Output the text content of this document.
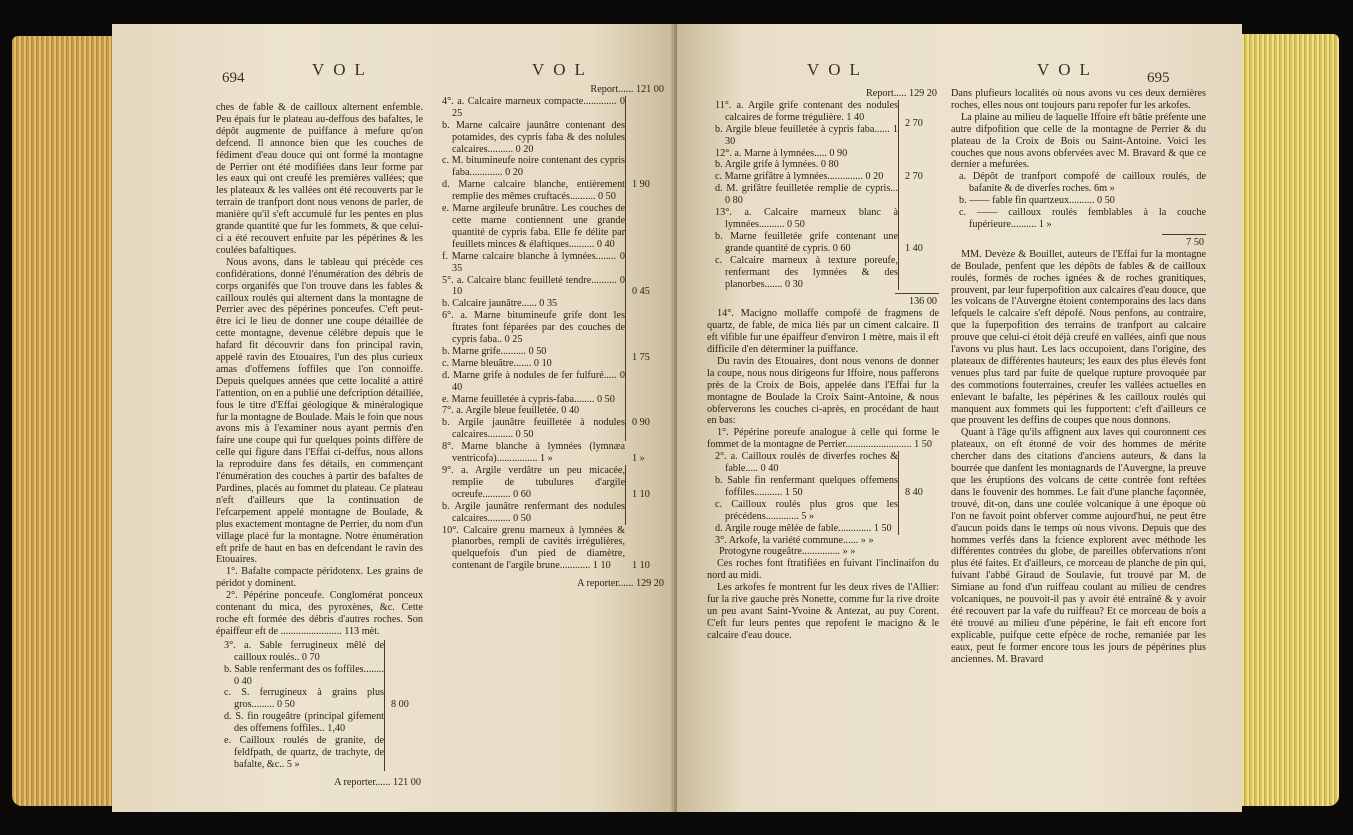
694	VOL	VOL

ches de fable & de cailloux alternent enfemble. Peu épais fur le plateau au-deffous des bafaltes, le dépôt augmente de puiffance à mefure qu'on defcend. Il annonce bien que les couches de fédiment d'eau douce qui ont formé la montagne de Perrier ont été modifiées dans leur forme par les eaux qui ont creufé les premières vallées; que les plateaux & les vallées ont été recouverts par le terrain de tranfport dont nous venons de parler, de manière qu'il s'eft accumulé fur les pentes en plus grande quantité que fur les fommets, & que celui-ci a été recouvert enfuite par les pépérines & les coulées bafaltiques.

Nous avons, dans le tableau qui précède ces confidérations, donné l'énumération des débris de corps organifés que l'on trouve dans les fables & cailloux roulés qui alternent dans la montagne de Perrier avec des pépérines ponceufes. C'eft peut-être ici le lieu de donner une coupe détaillée de cette montagne, devenue célèbre depuis que le hafard fit découvrir dans fon principal ravin, appelé ravin des Etouaires, l'un des plus curieux amas d'offemens foffiles que l'on connoiffe. Depuis quelques années que cette localité a attiré l'attention, on en a publié une defcription détaillée, fous le titre d'Effai géologique & minéralogique fur la montagne de Boulade. Mais le foin que nous avons mis à l'examiner nous ayant permis d'en faire une coupe qui fur quelques points diffère de celle qui figure dans l'Effai ci-deffus, nous allons la reproduire dans fes détails, en commençant l'énumération des couches à partir des bafaltes de Pardines, placés au fommet du plateau. Ce plateau n'eft d'ailleurs que la continuation de l'efcarpement appelé montagne de Boulade, & plus exactement montagne de Perrier, du nom d'un village placé fur la montagne. Notre énumération eft prife de haut en bas en defcendant le ravin des Etouaires.

1°. Bafalte compacte péridotenx. Les grains de péridot y dominent.

2°. Pépérine ponceufe. Conglomérat ponceux contenant du mica, des pyroxènes, &c. Cette roche eft formée des débris d'autres roches. Son épaiffeur eft de ........................ 113 mèt.

3°. a. Sable ferrugineux mêlé de cailloux roulés.. 0 70

b. Sable renfermant des os foffiles........ 0 40

c. S. ferrugineux à grains plus gros......... 0 50

d. S. fin rougeâtre (principal gifement des offemens foffiles.. 1,40

e. Cailloux roulés de granite, de feldfpath, de quartz, de trachyte, de bafalte, &c.. 5 »

8 00

A reporter...... 121 00

Report...... 121 00

4°. a. Calcaire marneux compacte............. 0 25

b. Marne calcaire jaunâtre contenant des potamides, des cypris faba & des nolules calcaires.......... 0 20

c. M. bitumineufe noire contenant des cypris faba............. 0 20

d. Marne calcaire blanche, entièrement remplie des mêmes cruftacés.......... 0 50

e. Marne argileufe brunâtre. Les couches de cette marne contiennent une grande quantité de cypris faba. Elle fe délite par feuillets minces & élaftiques.......... 0 40

f. Marne calcaire blanche à lymnées........ 0 35

1 90

5°. a. Calcaire blanc feuilleté tendre.......... 0 10

b. Calcaire jaunâtre...... 0 35

0 45

6°. a. Marne bitumineufe grife dont les ftrates font féparées par des couches de cypris faba.. 0 25

b. Marne grife.......... 0 50

c. Marne bleuâtre....... 0 10

d. Marne grife à nodules de fer fulfuré..... 0 40

e. Marne feuilletée à cypris-faba........ 0 50

1 75

7°. a. Argile bleue feuilletée. 0 40

b. Argile jaunâtre feuilletée à nodules calcaires.......... 0 50

0 90

8°. Marne blanche à lymnées (lymnæa ventricofa)................ 1 »	1 »

9°. a. Argile verdâtre un peu micacée, remplie de tubulures d'argile ocreufe........... 0 60

b. Argile jaunâtre renfermant des nodules calcaires......... 0 50

1 10

10°. Calcaire grenu marneux à lymnées & planorbes, rempli de cavités irrégulières, quelquefois d'un pied de diamètre, contenant de l'argile brune............ 1 10	1 10

A reporter...... 129 20

VOL	VOL	695

Report..... 129 20

11°. a. Argile grife contenant des nodules calcaires de forme trégulière. 1 40

b. Argile bleue feuilletée à cypris faba...... 1 30

2 70

12°. a. Marne à lymnées..... 0 90

b. Argile grife à lymnées. 0 80

c. Marne grifâtre à lymnées.............. 0 20

d. M. grifâtre feuilletée remplie de cypris... 0 80

2 70

13°. a. Calcaire marneux blanc à lymnées.......... 0 50

b. Marne feuilletée grife contenant une grande quantité de cypris. 0 60

c. Calcaire marneux à texture poreufe, renfermant des lymnées & des planorbes....... 0 30

1 40

136 00

14°. Macigno mollaffe compofé de fragmens de quartz, de fable, de mica liés par un ciment calcaire. Il eft vifible fur une épaiffeur d'environ 1 mètre, mais il eft difficile d'en déterminer la puiffance.

Du ravin des Etouaires, dont nous venons de donner la coupe, nous nous dirigeons fur Iffoire, nous pafferons près de la Croix de Bois, appelée dans l'Effai fur la montagne de Boulade la Croix Saint-Antoine, & nous obferverons les couches ci-après, en procédant de haut en bas:

1°. Pépérine poreufe analogue à celle qui forme le fommet de la montagne de Perrier.......................... 1 50

2°. a. Cailloux roulés de diverfes roches & fable..... 0 40

b. Sable fin renfermant quelques offemens foffiles........... 1 50

c. Cailloux roulés plus gros que les précédens............. 5 »

d. Argile rouge mêlée de fable............. 1 50

8 40

3°. Arkofe, la variété commune...... » »

Protogyne rougeâtre............... » »

Ces roches font ftratifiées en fuivant l'inclinaifon du nord au midi.

Les arkofes fe montrent fur les deux rives de l'Allier: fur la rive gauche près Nonette, comme fur la rive droite un peu avant Saint-Yvoine & Antezat, au puy Corent. C'eft fur leurs pentes que repofent le macigno & le calcaire d'eau douce.

Dans plufieurs localités où nous avons vu ces deux dernières roches, elles nous ont toujours paru repofer fur les arkofes.

La plaine au milieu de laquelle Iffoire eft bâtie préfente une autre difpofition que celle de la montagne de Perrier & du plateau de la Croix de Bois ou Saint-Antoine. Voici les couches que nous avons obfervées avec M. Bravard & que ce dernier a mefurées.

a. Dépôt de tranfport compofé de cailloux roulés, de bafanite & de diverfes roches. 6m »

b. —— fable fin quartzeux.......... 0 50

c. —— cailloux roulés femblables à la couche fupérieure.......... 1 »

7 50

MM. Devèze & Bouillet, auteurs de l'Effai fur la montagne de Boulade, penfent que les dépôts de fables & de cailloux roulés, formés de roches ignées & de roches granitiques, prouvent, par leur fuperpofition aux calcaires d'eau douce, que les volcans de l'Auvergne étoient contemporains des lacs dans lefquels le calcaire s'eft dépofé. Nous penfons, au contraire, que la fuperpofition des terrains de tranfport au calcaire prouve que celui-ci étoit déjà creufé en vallées, ainfi que nous l'avons vu plus haut. Les lacs occupoient, dans l'origine, des plateaux de différentes hauteurs; les eaux des plus élevés font venues plus tard par fuite de quelque rupture provoquée par des commotions fouterraines, creufer les vallées actuelles en enlevant le bafalte, les pépérines & les cailloux roulés qui manquent aux fommets qui les fupportent: c'eft d'ailleurs ce que prouvent les deffins de coupes que nous donnons.

Quant à l'âge qu'ils affignent aux laves qui couronnent ces plateaux, on eft étonné de voir des hommes de mérite chercher dans des citations d'anciens auteurs, & dans la bourrée que danfent les montagnards de l'Auvergne, la preuve que les éruptions des volcans de cette contrée font reftées dans le fouvenir des hommes. Le fait d'une planche façonnée, trouvé, dit-on, dans une coulée volcanique à une époque où l'on ne favoit point obferver comme aujourd'hui, ne peut être d'aucun poids dans le temps où nous vivons. Depuis que des hommes verfés dans la fcience explorent avec méthode les différentes contrées du globe, de pareilles obfervations n'ont plus été faites. Et d'ailleurs, ce morceau de planche de pin qui, fuivant l'abbé Giraud de Soulavie, fut trouvé par M. de Simiane au fond d'un ruiffeau coulant au milieu de cendres volcaniques, ne pouvoit-il pas y avoir été entraîné & y avoir été recouvert par la vafe du ruiffeau? Et ce morceau de bois a été trouvé au milieu d'une pépérine, le fait eft encore fort explicable, puifque cette efpèce de roche, remaniée par les eaux, peut fe former encore tous les jours de pépérines plus anciennes. M. Bravard
